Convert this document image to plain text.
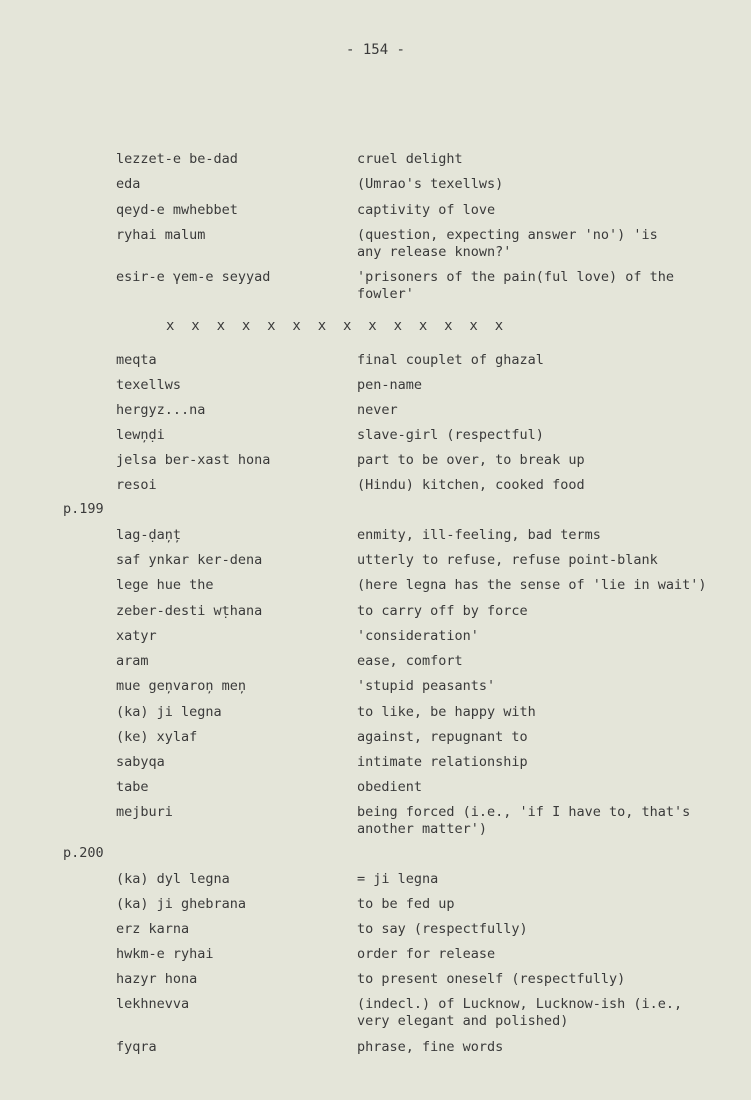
- 154 -
lezzet-e be-dad	cruel delight
eda	(Umrao's texellws)
qeyd-e mwhebbet	captivity of love
ryhai malum	(question, expecting answer 'no') 'is
any release known?'
esir-e γem-e seyyad	'prisoners of the pain(ful love) of the
fowler'
x  x  x  x  x  x  x  x  x  x  x  x  x  x
meqta	final couplet of ghazal
texellws	pen-name
hergyz...na	never
lewņḍi	slave-girl (respectful)
jelsa ber-xast hona	part to be over, to break up
resoi	(Hindu) kitchen, cooked food
p.199
lag-ḍaņț	enmity, ill-feeling, bad terms
saf ynkar ker-dena	utterly to refuse, refuse point-blank
lege hue the	(here legna has the sense of 'lie in wait')
zeber-desti wṭhana	to carry off by force
xatyr	'consideration'
aram	ease, comfort
mue geņvaroņ meņ	'stupid peasants'
(ka) ji legna	to like, be happy with
(ke) xylaf	against, repugnant to
sabyqa	intimate relationship
tabe	obedient
mejburi	being forced (i.e., 'if I have to, that's
another matter')
p.200
(ka) dyl legna	= ji legna
(ka) ji ghebrana	to be fed up
erz karna	to say (respectfully)
hwkm-e ryhai	order for release
hazyr hona	to present oneself (respectfully)
lekhnevva	(indecl.) of Lucknow, Lucknow-ish (i.e.,
very elegant and polished)
fyqra	phrase, fine words
